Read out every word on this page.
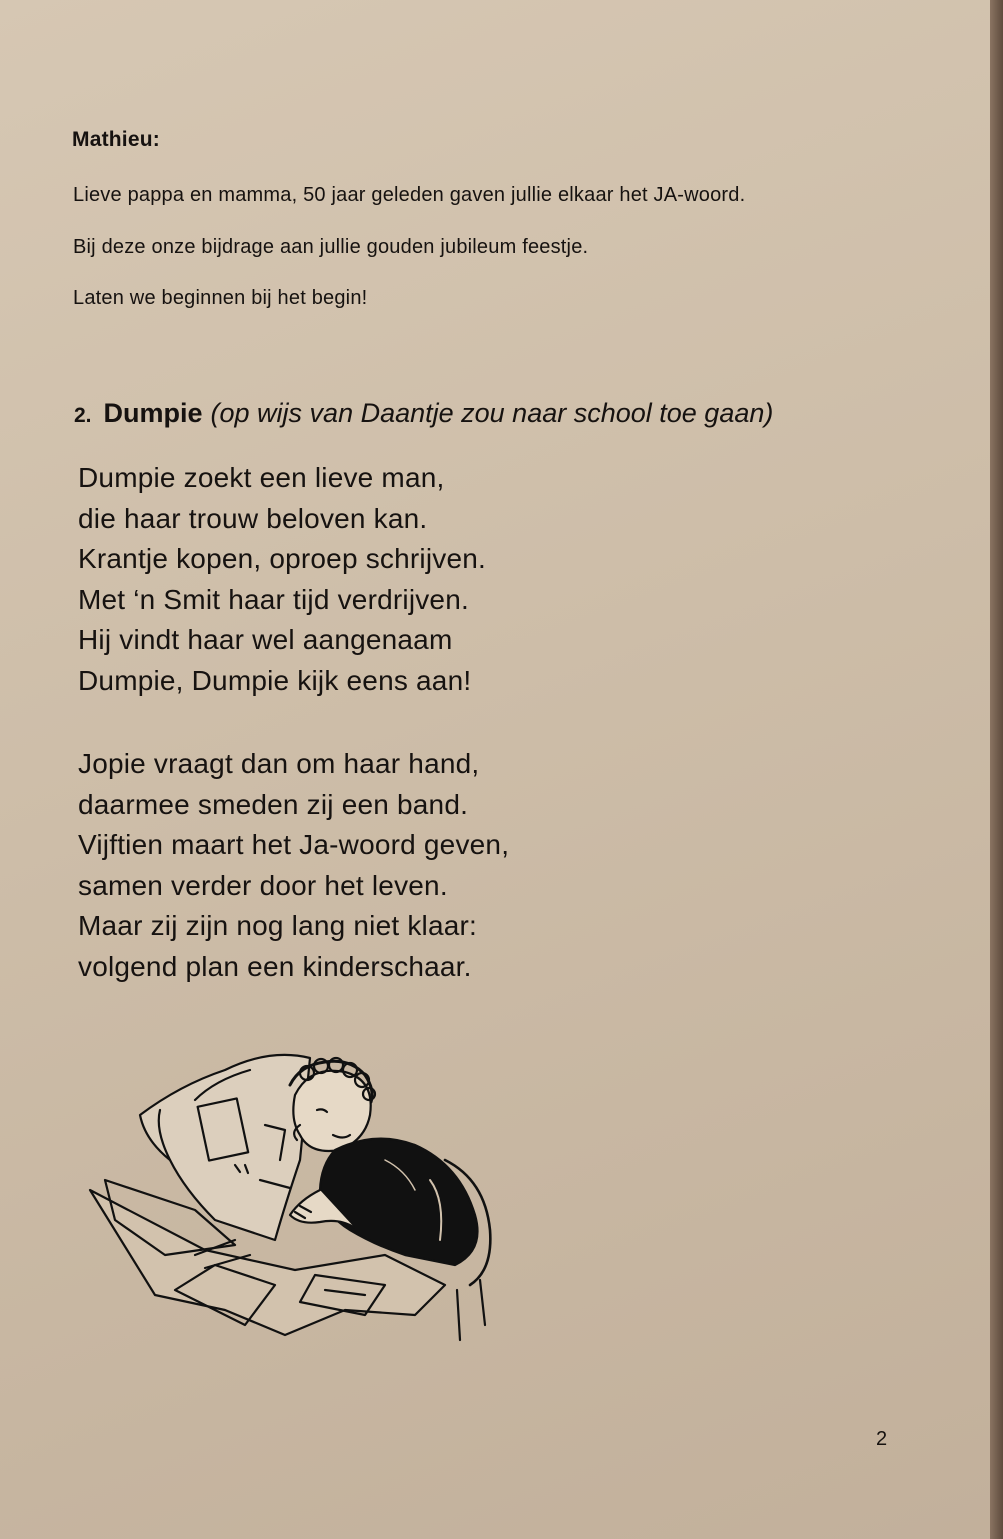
Mathieu:
Lieve pappa en mamma, 50 jaar geleden gaven jullie elkaar het JA-woord.
Bij deze onze bijdrage aan jullie gouden jubileum feestje.
Laten we beginnen bij het begin!
2. Dumpie (op wijs van Daantje zou naar school toe gaan)
Dumpie zoekt een lieve man,
die haar trouw beloven kan.
Krantje kopen, oproep schrijven.
Met ‘n Smit haar tijd verdrijven.
Hij vindt haar wel aangenaam
Dumpie, Dumpie kijk eens aan!
Jopie vraagt dan om haar hand,
daarmee smeden zij een band.
Vijftien maart het Ja-woord geven,
samen verder door het leven.
Maar zij zijn nog lang niet klaar:
volgend plan een kinderschaar.
2
